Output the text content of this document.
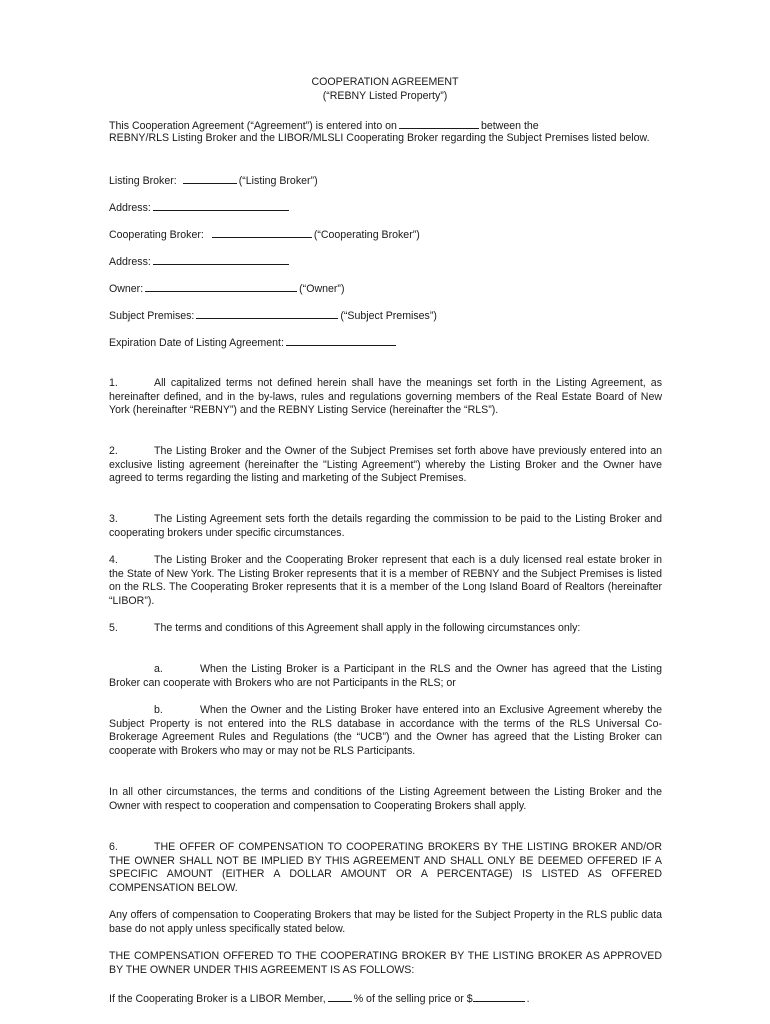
COOPERATION AGREEMENT
(“REBNY Listed Property”)
This Cooperation Agreement (“Agreement”) is entered into on	between the
REBNY/RLS Listing Broker and the LIBOR/MLSLI Cooperating Broker regarding the Subject Premises listed below.
Listing Broker:	(“Listing Broker”)
Address:
Cooperating Broker:	(“Cooperating Broker”)
Address:
Owner:	(“Owner”)
Subject Premises:	(“Subject Premises”)
Expiration Date of Listing Agreement:
1.	All capitalized terms not defined herein shall have the meanings set forth in the Listing Agreement, as hereinafter defined, and in the by-laws, rules and regulations governing members of the Real Estate Board of New York (hereinafter “REBNY”) and the REBNY Listing Service (hereinafter the “RLS”).
2.	The Listing Broker and the Owner of the Subject Premises set forth above have previously entered into an exclusive listing agreement (hereinafter the "Listing Agreement") whereby the Listing Broker and the Owner have agreed to terms regarding the listing and marketing of the Subject Premises.
3.	The Listing Agreement sets forth the details regarding the commission to be paid to the Listing Broker and cooperating brokers under specific circumstances.
4.	The Listing Broker and the Cooperating Broker represent that each is a duly licensed real estate broker in the State of New York. The Listing Broker represents that it is a member of REBNY and the Subject Premises is listed on the RLS. The Cooperating Broker represents that it is a member of the Long Island Board of Realtors (hereinafter “LIBOR”).
5.	The terms and conditions of this Agreement shall apply in the following circumstances only:
a.	When the Listing Broker is a Participant in the RLS and the Owner has agreed that the Listing Broker can cooperate with Brokers who are not Participants in the RLS; or
b.	When the Owner and the Listing Broker have entered into an Exclusive Agreement whereby the Subject Property is not entered into the RLS database in accordance with the terms of the RLS Universal Co-Brokerage Agreement Rules and Regulations (the “UCB”) and the Owner has agreed that the Listing Broker can cooperate with Brokers who may or may not be RLS Participants.
In all other circumstances, the terms and conditions of the Listing Agreement between the Listing Broker and the Owner with respect to cooperation and compensation to Cooperating Brokers shall apply.
6.	THE OFFER OF COMPENSATION TO COOPERATING BROKERS BY THE LISTING BROKER AND/OR THE OWNER SHALL NOT BE IMPLIED BY THIS AGREEMENT AND SHALL ONLY BE DEEMED OFFERED IF A SPECIFIC AMOUNT (EITHER A DOLLAR AMOUNT OR A PERCENTAGE) IS LISTED AS OFFERED COMPENSATION BELOW.
Any offers of compensation to Cooperating Brokers that may be listed for the Subject Property in the RLS public data base do not apply unless specifically stated below.
THE COMPENSATION OFFERED TO THE COOPERATING BROKER BY THE LISTING BROKER AS APPROVED BY THE OWNER UNDER THIS AGREEMENT IS AS FOLLOWS:
If the Cooperating Broker is a LIBOR Member,	% of the selling price or $	.
